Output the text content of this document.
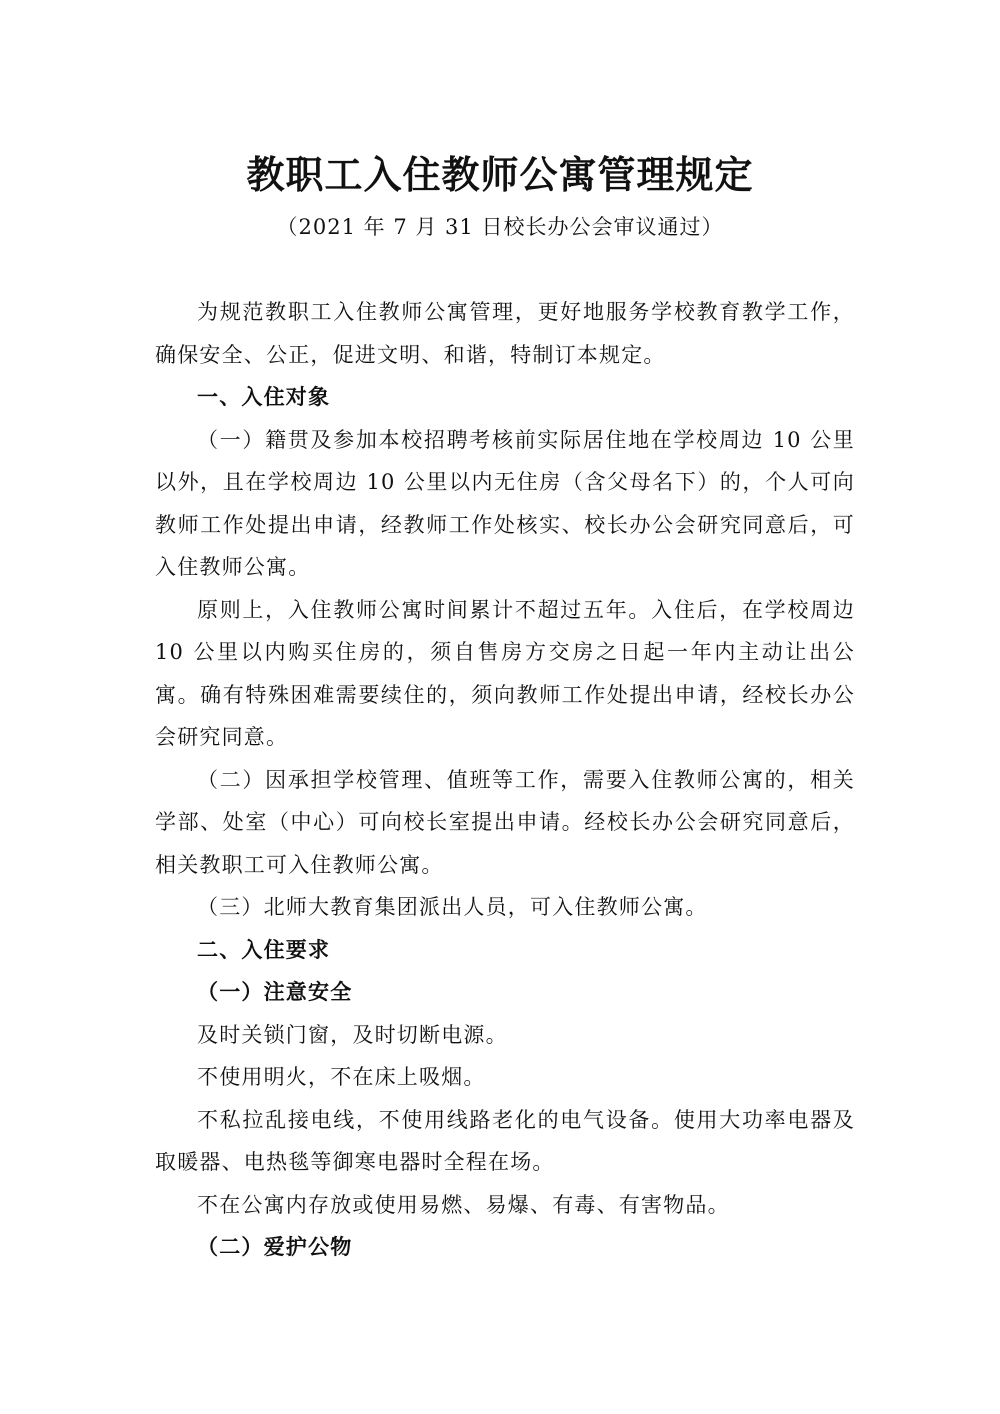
教职工入住教师公寓管理规定

（2021 年 7 月 31 日校长办公会审议通过）

为规范教职工入住教师公寓管理，更好地服务学校教育教学工作，确保安全、公正，促进文明、和谐，特制订本规定。

一、入住对象

（一）籍贯及参加本校招聘考核前实际居住地在学校周边 10 公里以外，且在学校周边 10 公里以内无住房（含父母名下）的，个人可向教师工作处提出申请，经教师工作处核实、校长办公会研究同意后，可入住教师公寓。

原则上，入住教师公寓时间累计不超过五年。入住后，在学校周边 10 公里以内购买住房的，须自售房方交房之日起一年内主动让出公寓。确有特殊困难需要续住的，须向教师工作处提出申请，经校长办公会研究同意。

（二）因承担学校管理、值班等工作，需要入住教师公寓的，相关学部、处室（中心）可向校长室提出申请。经校长办公会研究同意后，相关教职工可入住教师公寓。

（三）北师大教育集团派出人员，可入住教师公寓。

二、入住要求

（一）注意安全

及时关锁门窗，及时切断电源。

不使用明火，不在床上吸烟。

不私拉乱接电线，不使用线路老化的电气设备。使用大功率电器及取暖器、电热毯等御寒电器时全程在场。

不在公寓内存放或使用易燃、易爆、有毒、有害物品。

（二）爱护公物
